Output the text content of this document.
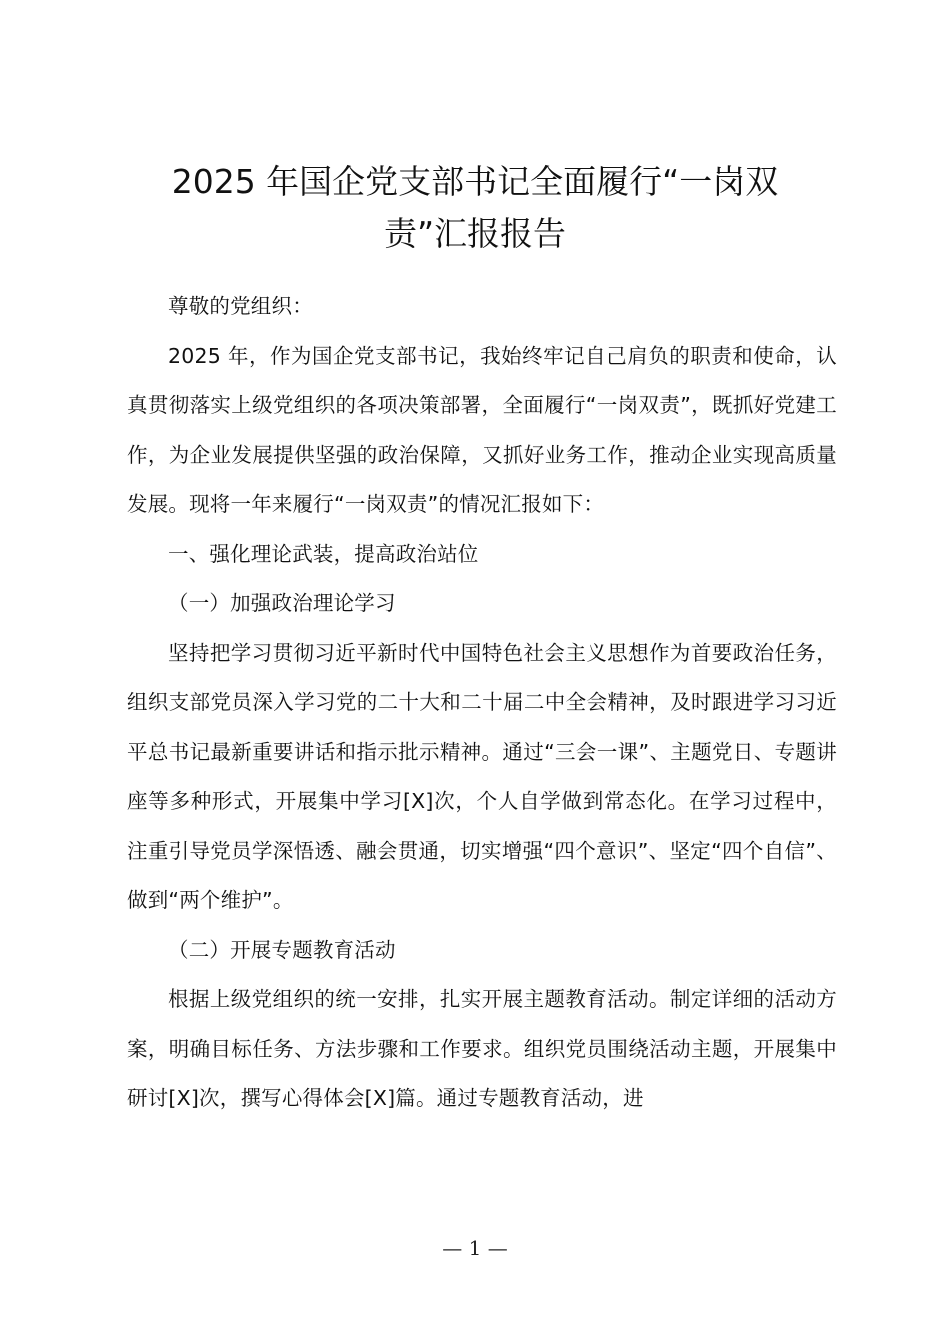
2025 年国企党支部书记全面履行“一岗双
责”汇报报告

尊敬的党组织：

2025 年，作为国企党支部书记，我始终牢记自己肩负的职责和使命，认真贯彻落实上级党组织的各项决策部署，全面履行“一岗双责”，既抓好党建工作，为企业发展提供坚强的政治保障，又抓好业务工作，推动企业实现高质量发展。现将一年来履行“一岗双责”的情况汇报如下：

一、强化理论武装，提高政治站位

（一）加强政治理论学习

坚持把学习贯彻习近平新时代中国特色社会主义思想作为首要政治任务，组织支部党员深入学习党的二十大和二十届二中全会精神，及时跟进学习习近平总书记最新重要讲话和指示批示精神。通过“三会一课”、主题党日、专题讲座等多种形式，开展集中学习[X]次，个人自学做到常态化。在学习过程中，注重引导党员学深悟透、融会贯通，切实增强“四个意识”、坚定“四个自信”、做到“两个维护”。

（二）开展专题教育活动

根据上级党组织的统一安排，扎实开展主题教育活动。制定详细的活动方案，明确目标任务、方法步骤和工作要求。组织党员围绕活动主题，开展集中研讨[X]次，撰写心得体会[X]篇。通过专题教育活动，进

— 1 —
